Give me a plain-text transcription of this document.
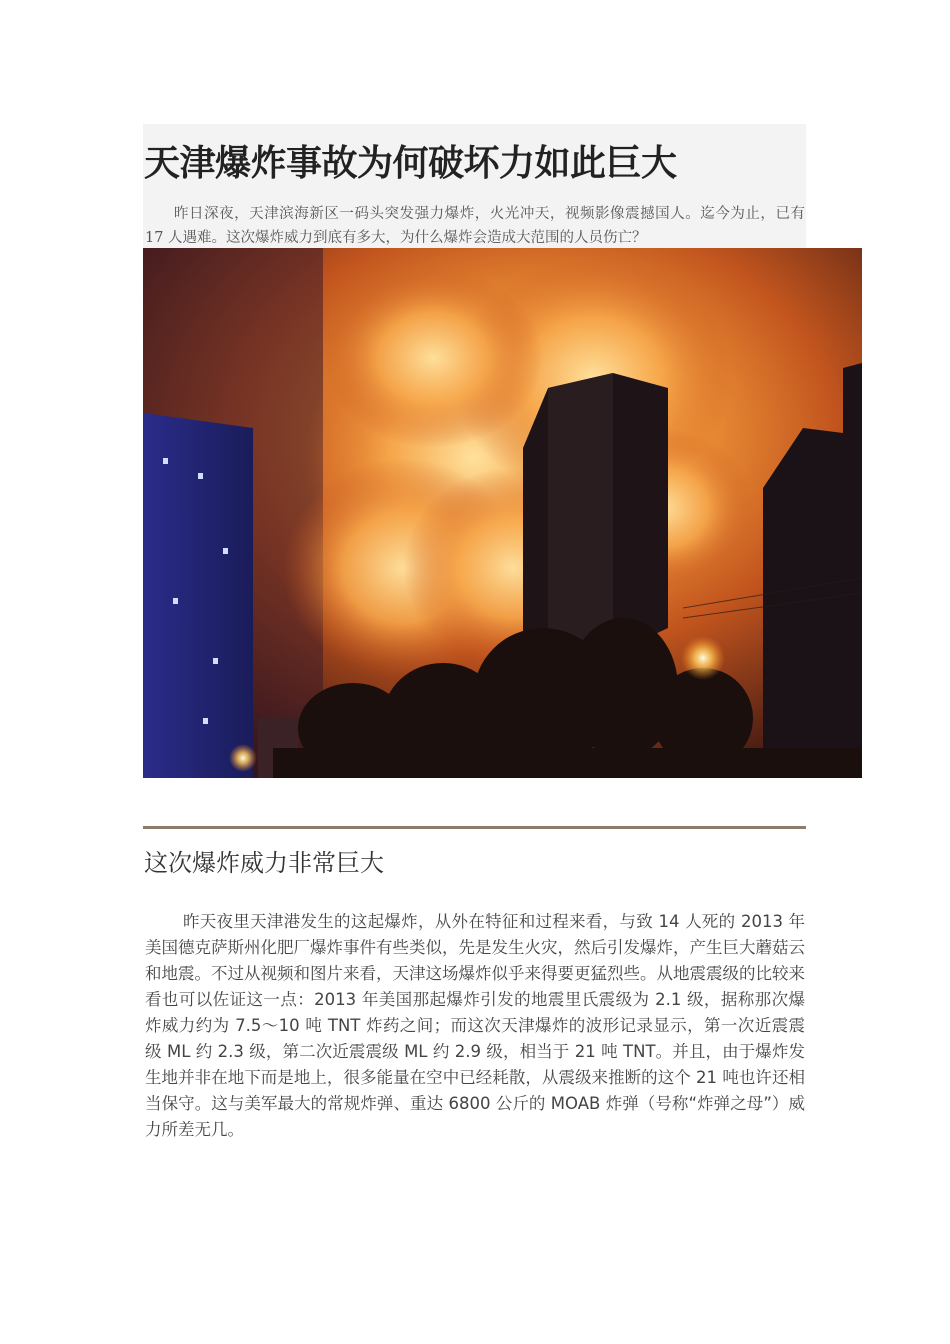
天津爆炸事故为何破坏力如此巨大

昨日深夜，天津滨海新区一码头突发强力爆炸，火光冲天，视频影像震撼国人。迄今为止，已有 17 人遇难。这次爆炸威力到底有多大，为什么爆炸会造成大范围的人员伤亡？

这次爆炸威力非常巨大

昨天夜里天津港发生的这起爆炸，从外在特征和过程来看，与致 14 人死的 2013 年美国德克萨斯州化肥厂爆炸事件有些类似，先是发生火灾，然后引发爆炸，产生巨大蘑菇云和地震。不过从视频和图片来看，天津这场爆炸似乎来得要更猛烈些。从地震震级的比较来看也可以佐证这一点：2013 年美国那起爆炸引发的地震里氏震级为 2.1 级，据称那次爆炸威力约为 7.5～10 吨 TNT 炸药之间；而这次天津爆炸的波形记录显示，第一次近震震级 ML 约 2.3 级，第二次近震震级 ML 约 2.9 级，相当于 21 吨 TNT。并且，由于爆炸发生地并非在地下而是地上，很多能量在空中已经耗散，从震级来推断的这个 21 吨也许还相当保守。这与美军最大的常规炸弹、重达 6800 公斤的 MOAB 炸弹（号称“炸弹之母”）威力所差无几。
